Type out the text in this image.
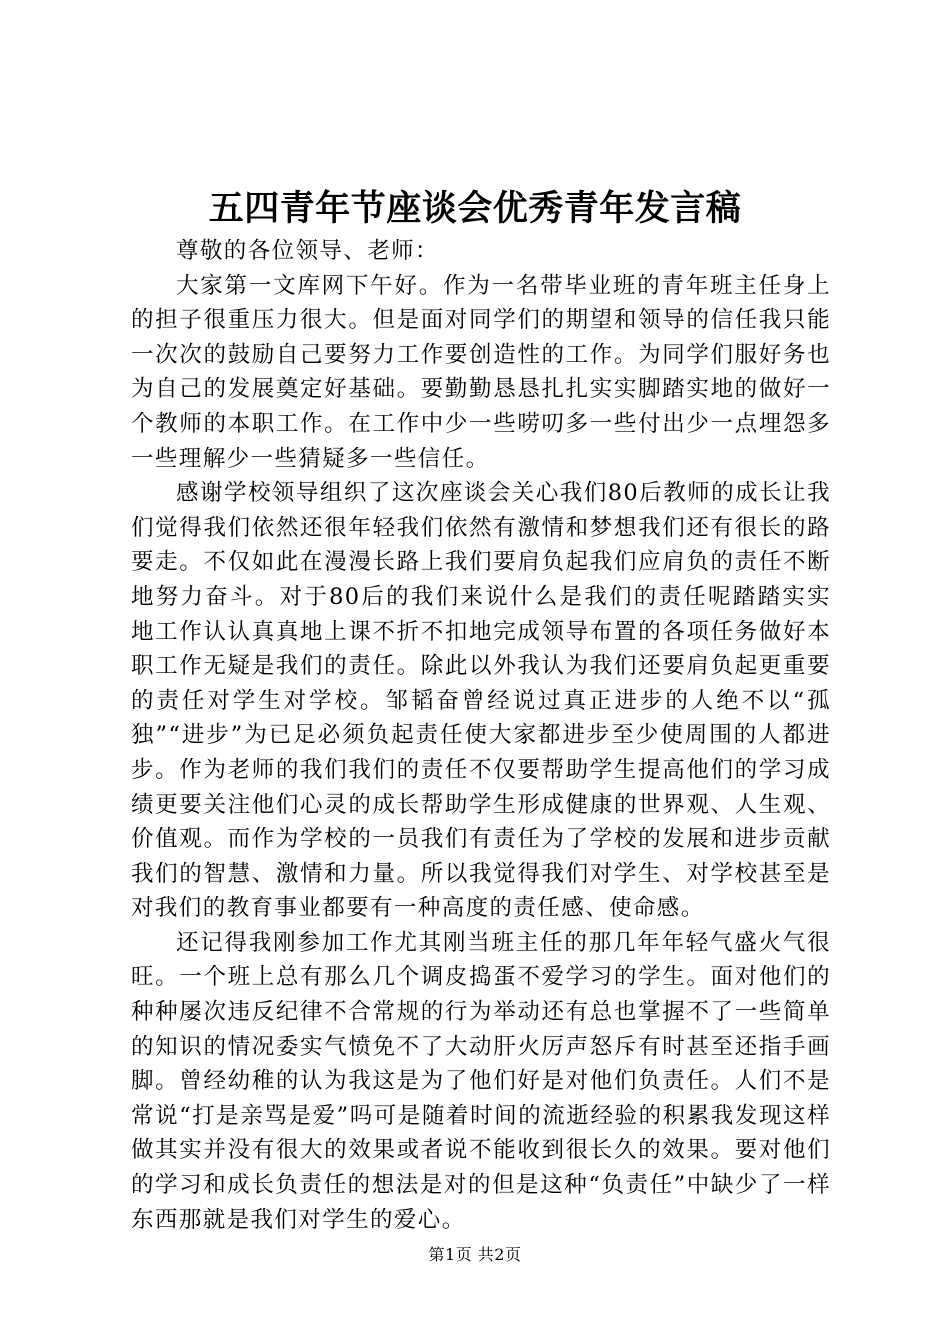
五四青年节座谈会优秀青年发言稿

尊敬的各位领导、老师：

大家第一文库网下午好。作为一名带毕业班的青年班主任身上的担子很重压力很大。但是面对同学们的期望和领导的信任我只能一次次的鼓励自己要努力工作要创造性的工作。为同学们服好务也为自己的发展奠定好基础。要勤勤恳恳扎扎实实脚踏实地的做好一个教师的本职工作。在工作中少一些唠叨多一些付出少一点埋怨多一些理解少一些猜疑多一些信任。

感谢学校领导组织了这次座谈会关心我们80后教师的成长让我们觉得我们依然还很年轻我们依然有激情和梦想我们还有很长的路要走。不仅如此在漫漫长路上我们要肩负起我们应肩负的责任不断地努力奋斗。对于80后的我们来说什么是我们的责任呢踏踏实实地工作认认真真地上课不折不扣地完成领导布置的各项任务做好本职工作无疑是我们的责任。除此以外我认为我们还要肩负起更重要的责任对学生对学校。邹韬奋曾经说过真正进步的人绝不以“孤独”“进步”为已足必须负起责任使大家都进步至少使周围的人都进步。作为老师的我们我们的责任不仅要帮助学生提高他们的学习成绩更要关注他们心灵的成长帮助学生形成健康的世界观、人生观、价值观。而作为学校的一员我们有责任为了学校的发展和进步贡献我们的智慧、激情和力量。所以我觉得我们对学生、对学校甚至是对我们的教育事业都要有一种高度的责任感、使命感。

还记得我刚参加工作尤其刚当班主任的那几年年轻气盛火气很旺。一个班上总有那么几个调皮捣蛋不爱学习的学生。面对他们的种种屡次违反纪律不合常规的行为举动还有总也掌握不了一些简单的知识的情况委实气愤免不了大动肝火厉声怒斥有时甚至还指手画脚。曾经幼稚的认为我这是为了他们好是对他们负责任。人们不是常说“打是亲骂是爱”吗可是随着时间的流逝经验的积累我发现这样做其实并没有很大的效果或者说不能收到很长久的效果。要对他们的学习和成长负责任的想法是对的但是这种“负责任”中缺少了一样东西那就是我们对学生的爱心。

第1页 共2页
